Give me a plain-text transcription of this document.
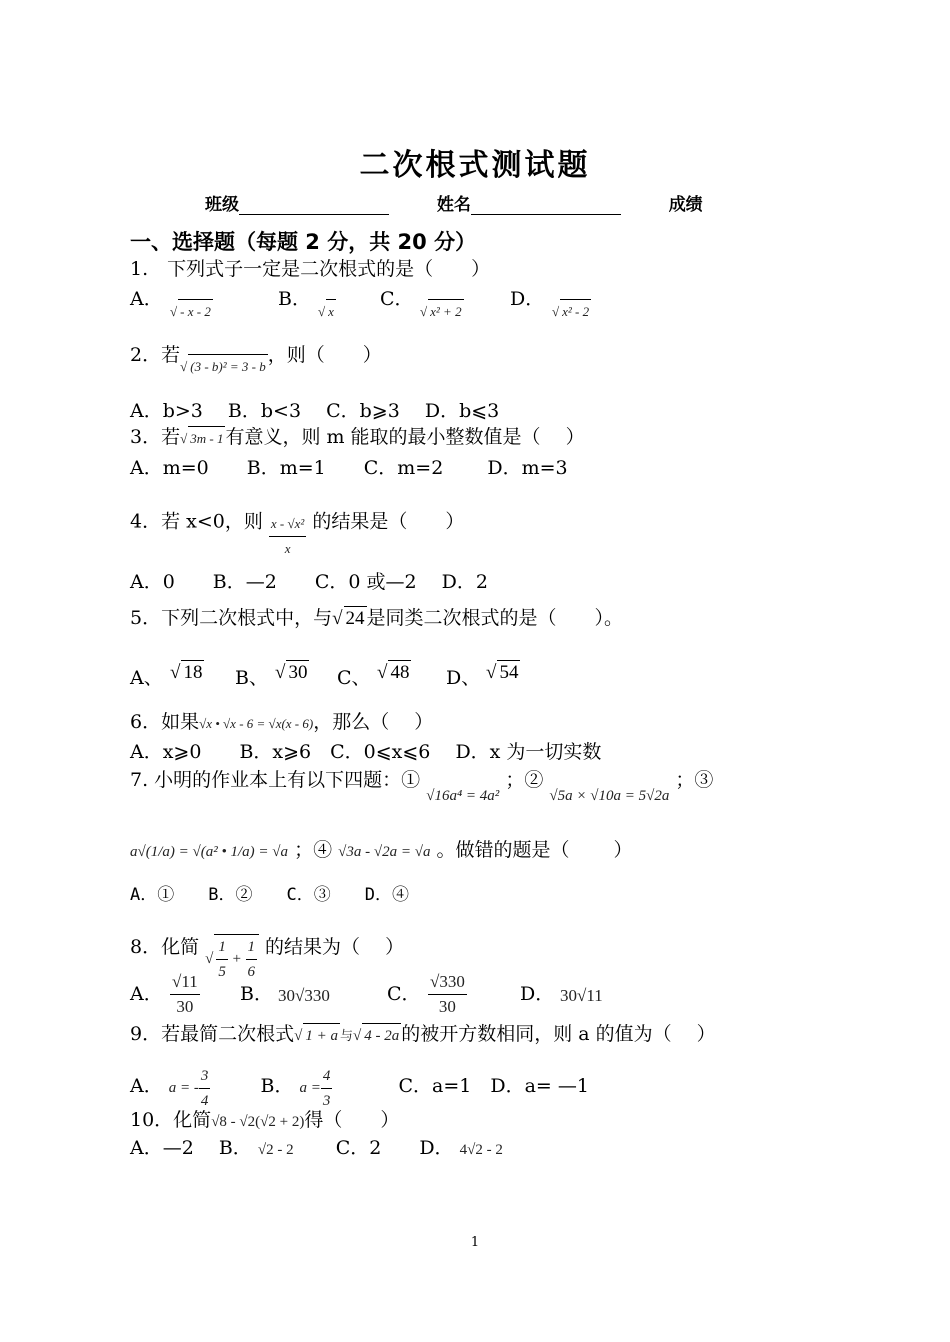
二次根式测试题
班级	姓名	成绩
一、选择题（每题 2 分，共 20 分）
1.　下列式子一定是二次根式的是（　　）
A．
√ - x - 2
B．
√ x
C．
√ x² + 2
D．
√ x² - 2
2．若√ (3 - b)² = 3 - b，则（　　）
A．b>3　 B．b<3　 C．b⩾3　 D．b⩽3
3．若√ 3m - 1 有意义，则 m 能取的最小整数值是（　 ）
A．m=0　　B．m=1　　C．m=2　　 D．m=3
4．若 x<0，则 $\frac{\text{x - √x²}}{x}$ 的结果是（　　）
A．0　　B．—2　　C．0 或—2　 D．2
5．下列二次根式中，与√ 24 是同类二次根式的是（　　）。
A、 √ 18 B、 √ 30 C、 √ 48 D、 √ 54
6．如果√x • √x - 6 = √x(x - 6)，那么（　 ）
A．x⩾0　　B．x⩾6　C．0⩽x⩽6　 D．x 为一切实数
7. 小明的作业本上有以下四题：① √16a⁴ = 4a² ；② √5a × √10a = 5√2a ；③
a√(1/a) = √(a² • 1/a) = √a ；④ √3a - √2a = √a 。做错的题是（　　 ）
A．①　　B．②　　C．③　　D．④
8．化简 √ $\frac{1}{5} + \frac{1}{6}$ 的结果为（　 ）
A． $\frac{√11}{30}$ B． 30√330	C． $\frac{√330}{30}$	D． 30√11
9．若最简二次根式√ 1 + a 与√ 4 - 2a 的被开方数相同，则 a 的值为（　 ）
A． a = - $\frac{3}{4}$	B． $a = \frac{4}{3}$	C．a=1　D．a= —1
10．化简√8 - √2(√2 + 2)得（　　）
A．—2　 B． √2 - 2 C．2　　D． 4√2 - 2
1
